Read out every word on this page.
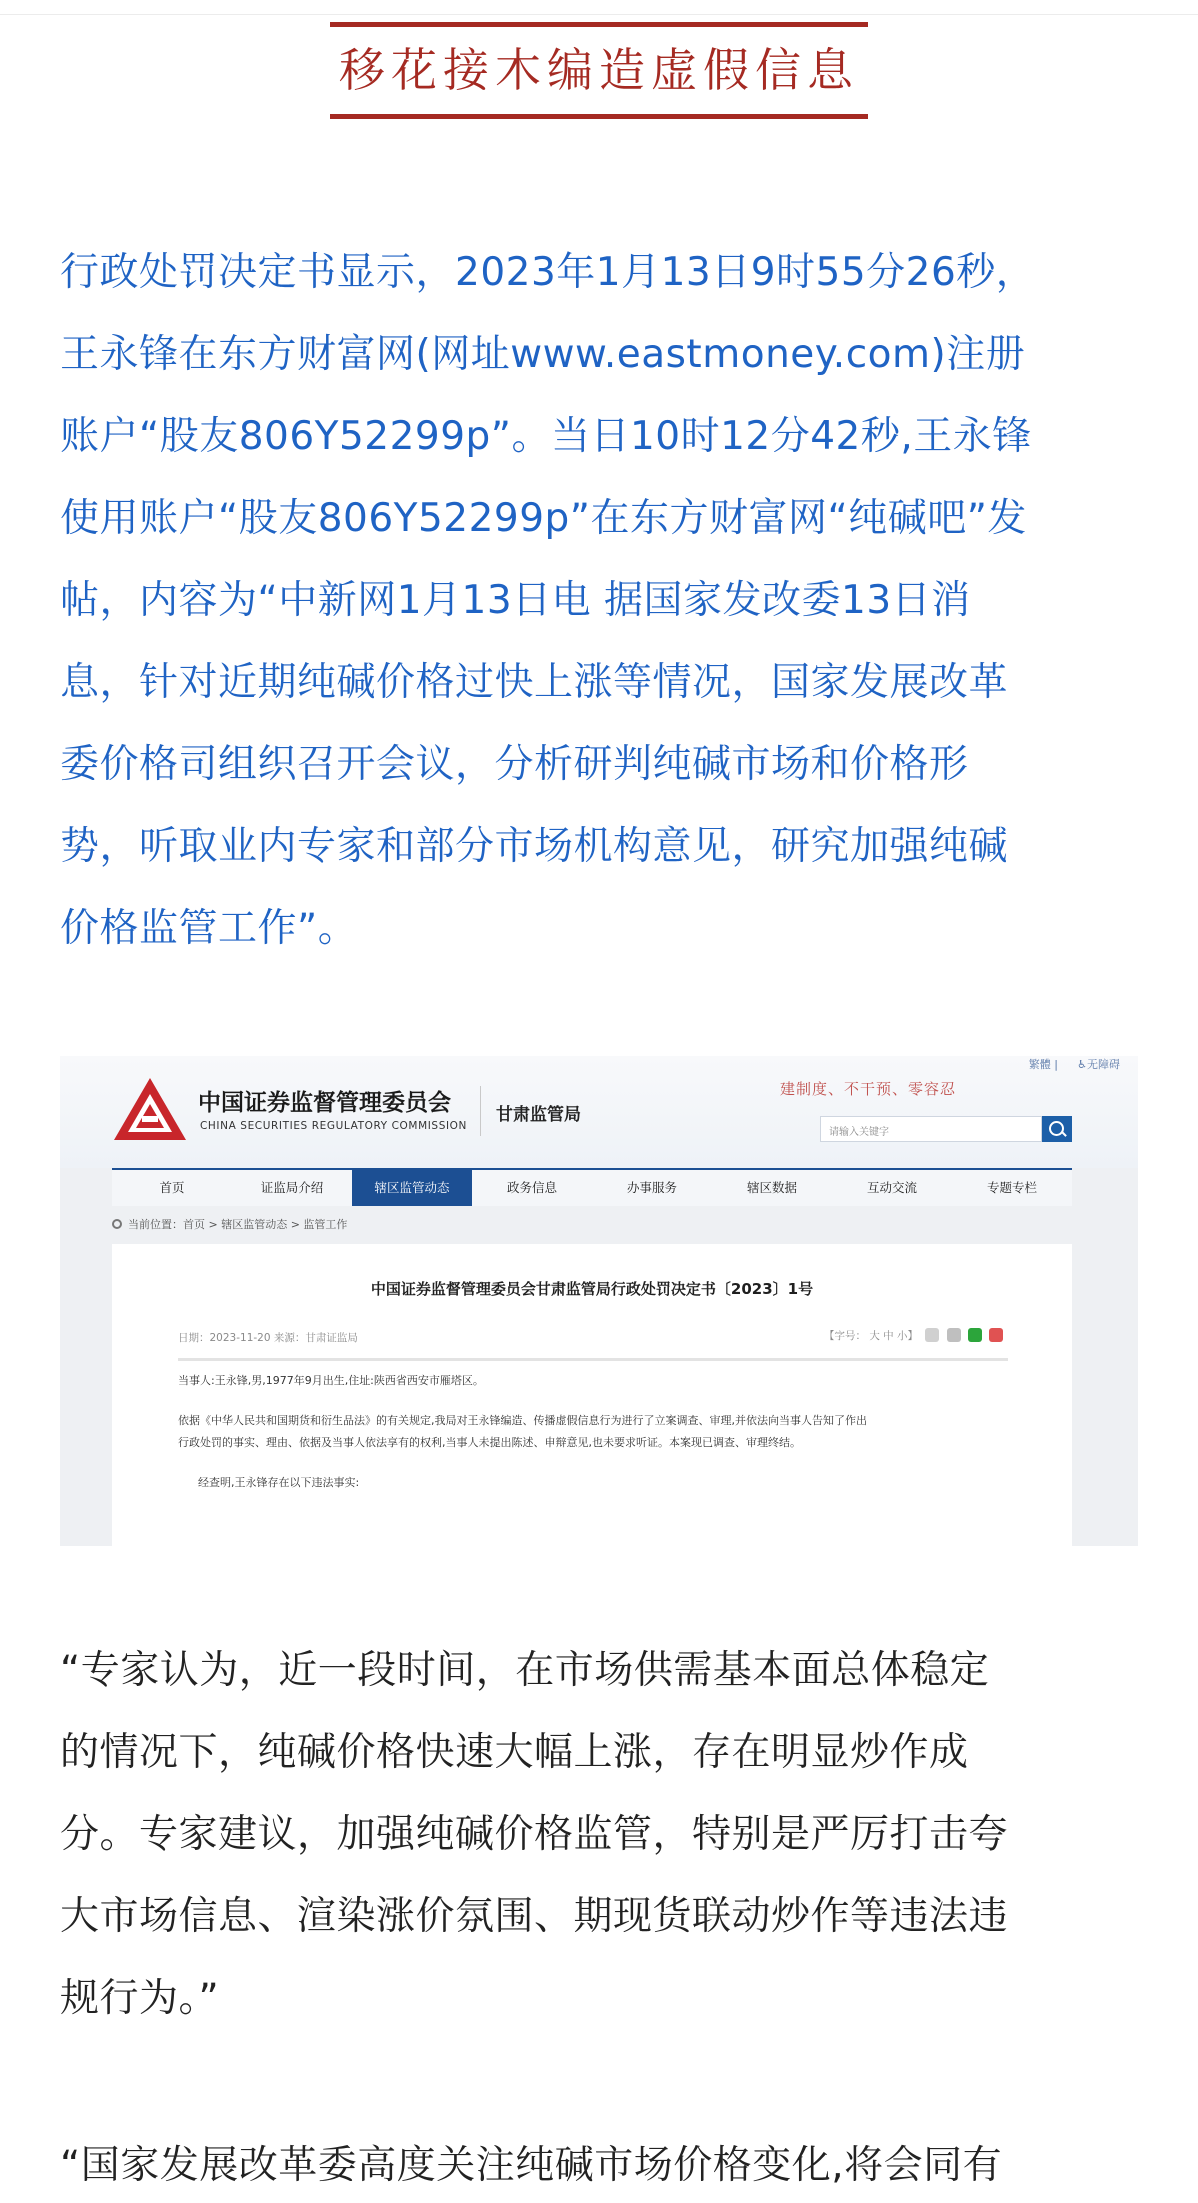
移花接木编造虚假信息
行政处罚决定书显示，2023年1月13日9时55分26秒，
王永锋在东方财富网(网址www.eastmoney.com)注册
账户“股友806Y52299p”。当日10时12分42秒,王永锋
使用账户“股友806Y52299p”在东方财富网“纯碱吧”发
帖，内容为“中新网1月13日电 据国家发改委13日消
息，针对近期纯碱价格过快上涨等情况，国家发展改革
委价格司组织召开会议，分析研判纯碱市场和价格形
势，听取业内专家和部分市场机构意见，研究加强纯碱
价格监管工作”。
中国证券监督管理委员会
CHINA SECURITIES REGULATORY COMMISSION
甘肃监管局
繁體 | ♿无障碍
建制度、不干预、零容忍
请输入关键字
首页	证监局介绍	辖区监管动态	政务信息	办事服务	辖区数据	互动交流	专题专栏
当前位置：首页 > 辖区监管动态 > 监管工作
中国证券监督管理委员会甘肃监管局行政处罚决定书〔2023〕1号
日期：2023-11-20 来源：甘肃证监局	【字号： 大 中 小】
当事人:王永锋,男,1977年9月出生,住址:陕西省西安市雁塔区。
依据《中华人民共和国期货和衍生品法》的有关规定,我局对王永锋编造、传播虚假信息行为进行了立案调查、审理,并依法向当事人告知了作出
行政处罚的事实、理由、依据及当事人依法享有的权利,当事人未提出陈述、申辩意见,也未要求听证。本案现已调查、审理终结。
经查明,王永锋存在以下违法事实:
“专家认为，近一段时间，在市场供需基本面总体稳定
的情况下，纯碱价格快速大幅上涨，存在明显炒作成
分。专家建议，加强纯碱价格监管，特别是严厉打击夸
大市场信息、渲染涨价氛围、期现货联动炒作等违法违
规行为。”
“国家发展改革委高度关注纯碱市场价格变化,将会同有
